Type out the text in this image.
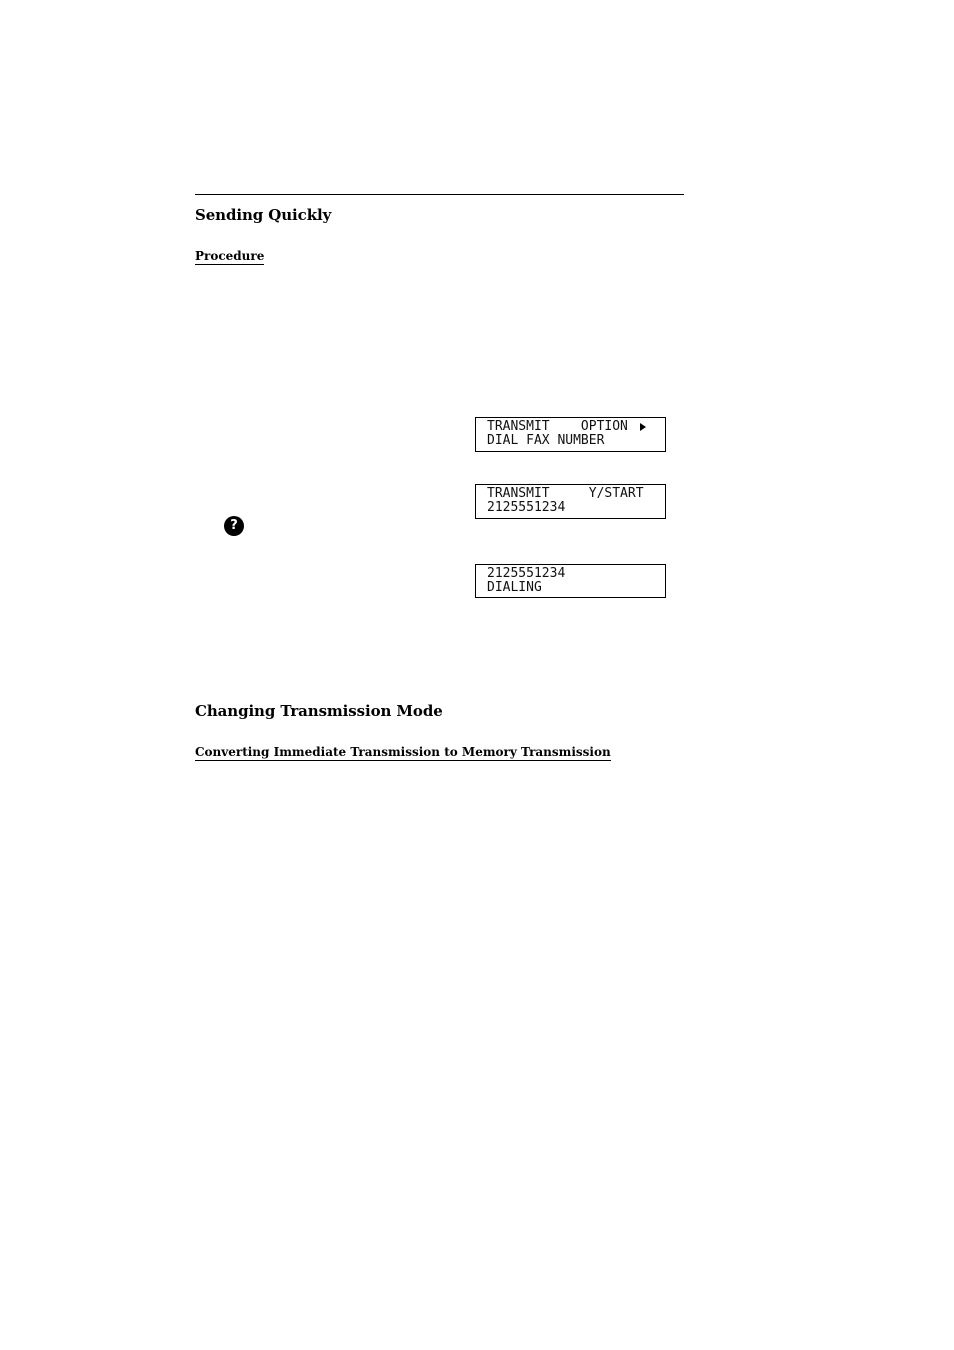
Sending Quickly
Procedure
TRANSMIT    OPTION
DIAL FAX NUMBER
TRANSMIT     Y/START
2125551234
?
2125551234
DIALING
Changing Transmission Mode
Converting Immediate Transmission to Memory Transmission
